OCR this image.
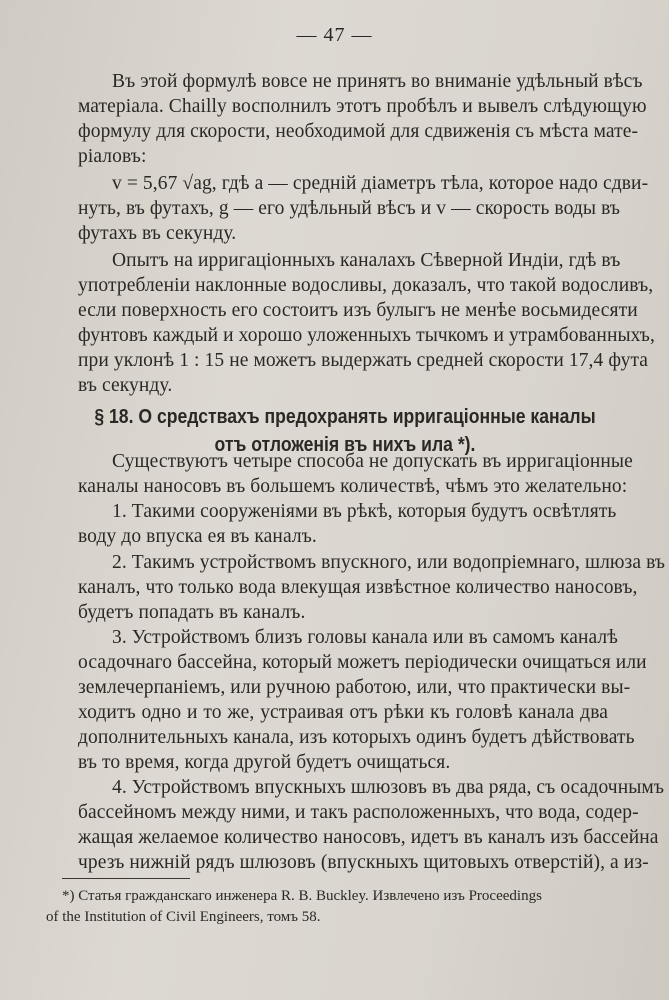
— 47 —
Въ этой формулѣ вовсе не принятъ во вниманіе удѣльный вѣсъ
матеріала. Chailly восполнилъ этотъ пробѣлъ и вывелъ слѣдующую
формулу для скорости, необходимой для сдвиженія съ мѣста мате-
ріаловъ:
v = 5,67 √ag, гдѣ a — средній діаметръ тѣла, которое надо сдви-
нуть, въ футахъ, g — его удѣльный вѣсъ и v — скорость воды въ
футахъ въ секунду.
Опытъ на ирригаціонныхъ каналахъ Сѣверной Индіи, гдѣ въ
употребленіи наклонные водосливы, доказалъ, что такой водосливъ,
если поверхность его состоитъ изъ булыгъ не менѣе восьмидесяти
фунтовъ каждый и хорошо уложенныхъ тычкомъ и утрамбованныхъ,
при уклонѣ 1 : 15 не можетъ выдержать средней скорости 17,4 фута
въ секунду.
§ 18. О средствахъ предохранять ирригаціонные каналы
отъ отложенія въ нихъ ила *).
Существуютъ четыре способа не допускать въ ирригаціонные
каналы наносовъ въ большемъ количествѣ, чѣмъ это желательно:
1. Такими сооруженіями въ рѣкѣ, которыя будутъ освѣтлять
воду до впуска ея въ каналъ.
2. Такимъ устройствомъ впускного, или водопріемнаго, шлюза въ
каналъ, что только вода влекущая извѣстное количество наносовъ,
будетъ попадать въ каналъ.
3. Устройствомъ близъ головы канала или въ самомъ каналѣ
осадочнаго бассейна, который можетъ періодически очищаться или
землечерпаніемъ, или ручною работою, или, что практически вы-
ходитъ одно и то же, устраивая отъ рѣки къ головѣ канала два
дополнительныхъ канала, изъ которыхъ одинъ будетъ дѣйствовать
въ то время, когда другой будетъ очищаться.
4. Устройствомъ впускныхъ шлюзовъ въ два ряда, съ осадочнымъ
бассейномъ между ними, и такъ расположенныхъ, что вода, содер-
жащая желаемое количество наносовъ, идетъ въ каналъ изъ бассейна
чрезъ нижній рядъ шлюзовъ (впускныхъ щитовыхъ отверстій), а из-
*) Статья гражданскаго инженера R. B. Buckley. Извлечено изъ Proceedings
of the Institution of Civil Engineers, томъ 58.
